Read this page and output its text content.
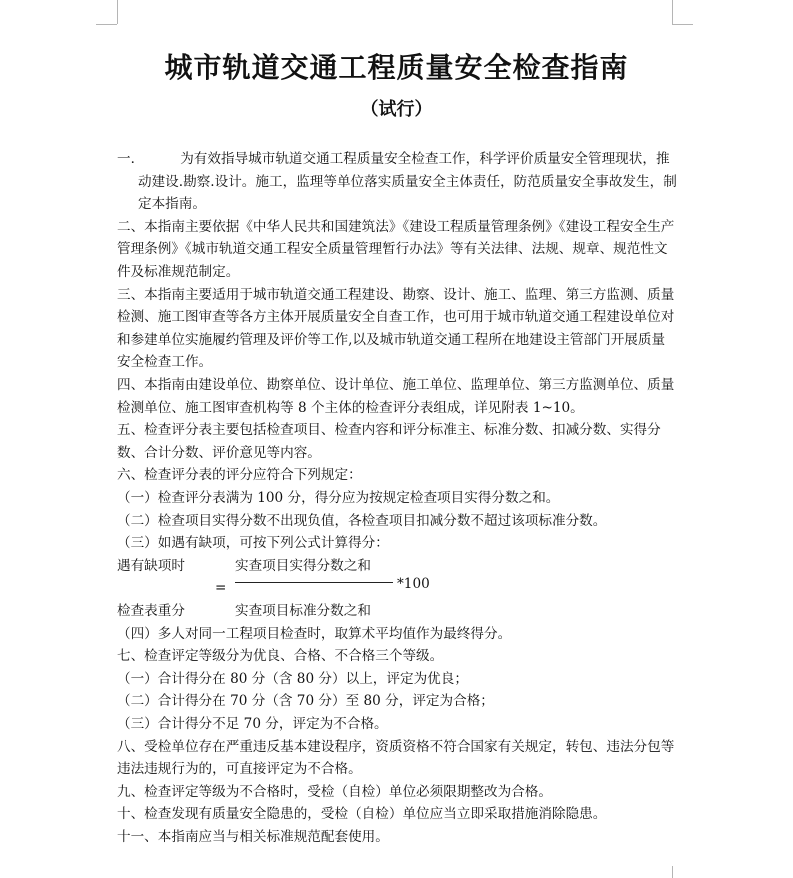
城市轨道交通工程质量安全检查指南
（试行）

一．	为有效指导城市轨道交通工程质量安全检查工作，科学评价质量安全管理现状，推动建设.勘察.设计。施工，监理等单位落实质量安全主体责任，防范质量安全事故发生，制定本指南。

二、本指南主要依据《中华人民共和国建筑法》《建设工程质量管理条例》《建设工程安全生产管理条例》《城市轨道交通工程安全质量管理暂行办法》等有关法律、法规、规章、规范性文件及标准规范制定。

三、本指南主要适用于城市轨道交通工程建设、勘察、设计、施工、监理、第三方监测、质量检测、施工图审查等各方主体开展质量安全自查工作，也可用于城市轨道交通工程建设单位对和参建单位实施履约管理及评价等工作,以及城市轨道交通工程所在地建设主管部门开展质量安全检查工作。

四、本指南由建设单位、勘察单位、设计单位、施工单位、监理单位、第三方监测单位、质量检测单位、施工图审查机构等 8 个主体的检查评分表组成，详见附表 1~10。

五、检查评分表主要包括检查项目、检查内容和评分标准主、标准分数、扣减分数、实得分数、合计分数、评价意见等内容。

六、检查评分表的评分应符合下列规定：

（一）检查评分表满为 100 分，得分应为按规定检查项目实得分数之和。

（二）检查项目实得分数不出现负值，各检查项目扣减分数不超过该项标准分数。

（三）如遇有缺项，可按下列公式计算得分：

遇有缺项时
=
实查项目实得分数之和
*100
检查表重分	实查项目标准分数之和

（四）多人对同一工程项目检查时，取算术平均值作为最终得分。

七、检查评定等级分为优良、合格、不合格三个等级。

（一）合计得分在 80 分（含 80 分）以上，评定为优良；

（二）合计得分在 70 分（含 70 分）至 80 分，评定为合格；

（三）合计得分不足 70 分，评定为不合格。

八、受检单位存在严重违反基本建设程序，资质资格不符合国家有关规定，转包、违法分包等违法违规行为的，可直接评定为不合格。

九、检查评定等级为不合格时，受检（自检）单位必须限期整改为合格。

十、检查发现有质量安全隐患的，受检（自检）单位应当立即采取措施消除隐患。

十一、本指南应当与相关标准规范配套使用。
